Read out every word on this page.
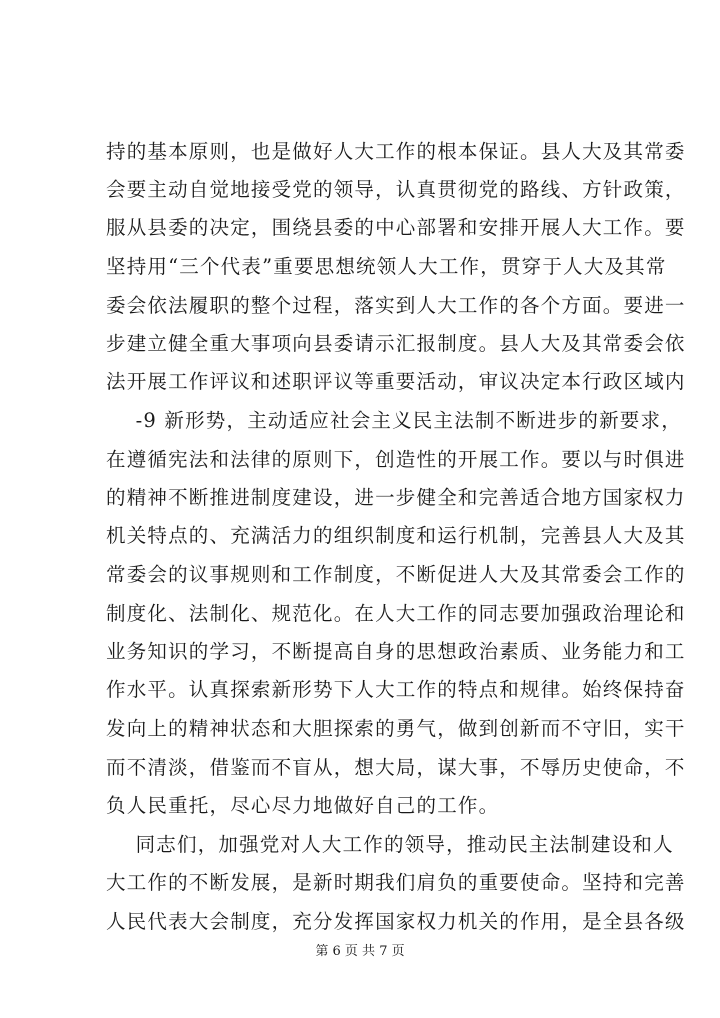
持的基本原则，也是做好人大工作的根本保证。县人大及其常委
会要主动自觉地接受党的领导，认真贯彻党的路线、方针政策，
服从县委的决定，围绕县委的中心部署和安排开展人大工作。要
坚持用“三个代表”重要思想统领人大工作，贯穿于人大及其常
委会依法履职的整个过程，落实到人大工作的各个方面。要进一
步建立健全重大事项向县委请示汇报制度。县人大及其常委会依
法开展工作评议和述职评议等重要活动，审议决定本行政区域内
-9 新形势，主动适应社会主义民主法制不断进步的新要求，
在遵循宪法和法律的原则下，创造性的开展工作。要以与时俱进
的精神不断推进制度建设，进一步健全和完善适合地方国家权力
机关特点的、充满活力的组织制度和运行机制，完善县人大及其
常委会的议事规则和工作制度，不断促进人大及其常委会工作的
制度化、法制化、规范化。在人大工作的同志要加强政治理论和
业务知识的学习，不断提高自身的思想政治素质、业务能力和工
作水平。认真探索新形势下人大工作的特点和规律。始终保持奋
发向上的精神状态和大胆探索的勇气，做到创新而不守旧，实干
而不清淡，借鉴而不盲从，想大局，谋大事，不辱历史使命，不
负人民重托，尽心尽力地做好自己的工作。
同志们，加强党对人大工作的领导，推动民主法制建设和人
大工作的不断发展，是新时期我们肩负的重要使命。坚持和完善
人民代表大会制度，充分发挥国家权力机关的作用，是全县各级
第 6 页 共 7 页
